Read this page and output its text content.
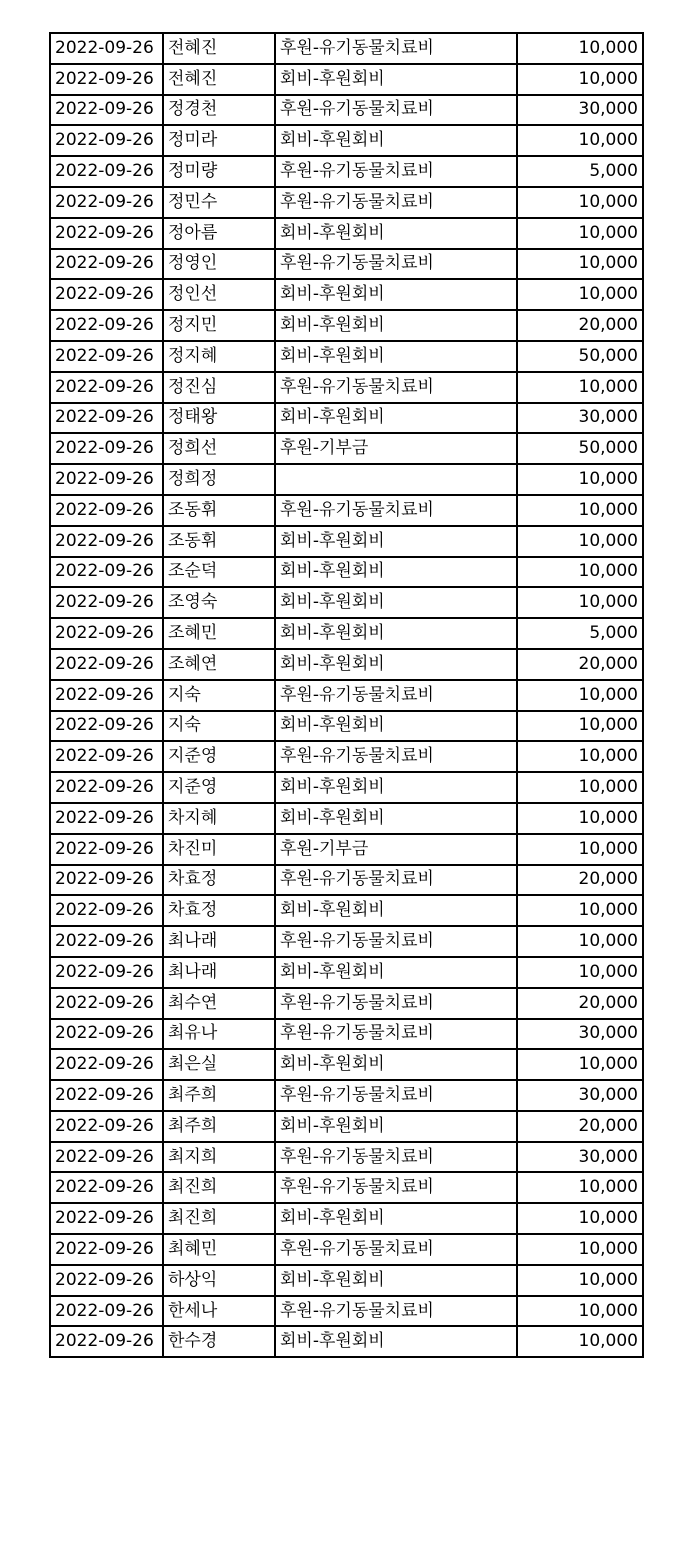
2022-09-26	전혜진	후원-유기동물치료비	10,000
2022-09-26	전혜진	회비-후원회비	10,000
2022-09-26	정경천	후원-유기동물치료비	30,000
2022-09-26	정미라	회비-후원회비	10,000
2022-09-26	정미량	후원-유기동물치료비	5,000
2022-09-26	정민수	후원-유기동물치료비	10,000
2022-09-26	정아름	회비-후원회비	10,000
2022-09-26	정영인	후원-유기동물치료비	10,000
2022-09-26	정인선	회비-후원회비	10,000
2022-09-26	정지민	회비-후원회비	20,000
2022-09-26	정지혜	회비-후원회비	50,000
2022-09-26	정진심	후원-유기동물치료비	10,000
2022-09-26	정태왕	회비-후원회비	30,000
2022-09-26	정희선	후원-기부금	50,000
2022-09-26	정희정		10,000
2022-09-26	조동휘	후원-유기동물치료비	10,000
2022-09-26	조동휘	회비-후원회비	10,000
2022-09-26	조순덕	회비-후원회비	10,000
2022-09-26	조영숙	회비-후원회비	10,000
2022-09-26	조혜민	회비-후원회비	5,000
2022-09-26	조혜연	회비-후원회비	20,000
2022-09-26	지숙	후원-유기동물치료비	10,000
2022-09-26	지숙	회비-후원회비	10,000
2022-09-26	지준영	후원-유기동물치료비	10,000
2022-09-26	지준영	회비-후원회비	10,000
2022-09-26	차지혜	회비-후원회비	10,000
2022-09-26	차진미	후원-기부금	10,000
2022-09-26	차효정	후원-유기동물치료비	20,000
2022-09-26	차효정	회비-후원회비	10,000
2022-09-26	최나래	후원-유기동물치료비	10,000
2022-09-26	최나래	회비-후원회비	10,000
2022-09-26	최수연	후원-유기동물치료비	20,000
2022-09-26	최유나	후원-유기동물치료비	30,000
2022-09-26	최은실	회비-후원회비	10,000
2022-09-26	최주희	후원-유기동물치료비	30,000
2022-09-26	최주희	회비-후원회비	20,000
2022-09-26	최지희	후원-유기동물치료비	30,000
2022-09-26	최진희	후원-유기동물치료비	10,000
2022-09-26	최진희	회비-후원회비	10,000
2022-09-26	최혜민	후원-유기동물치료비	10,000
2022-09-26	하상익	회비-후원회비	10,000
2022-09-26	한세나	후원-유기동물치료비	10,000
2022-09-26	한수경	회비-후원회비	10,000
